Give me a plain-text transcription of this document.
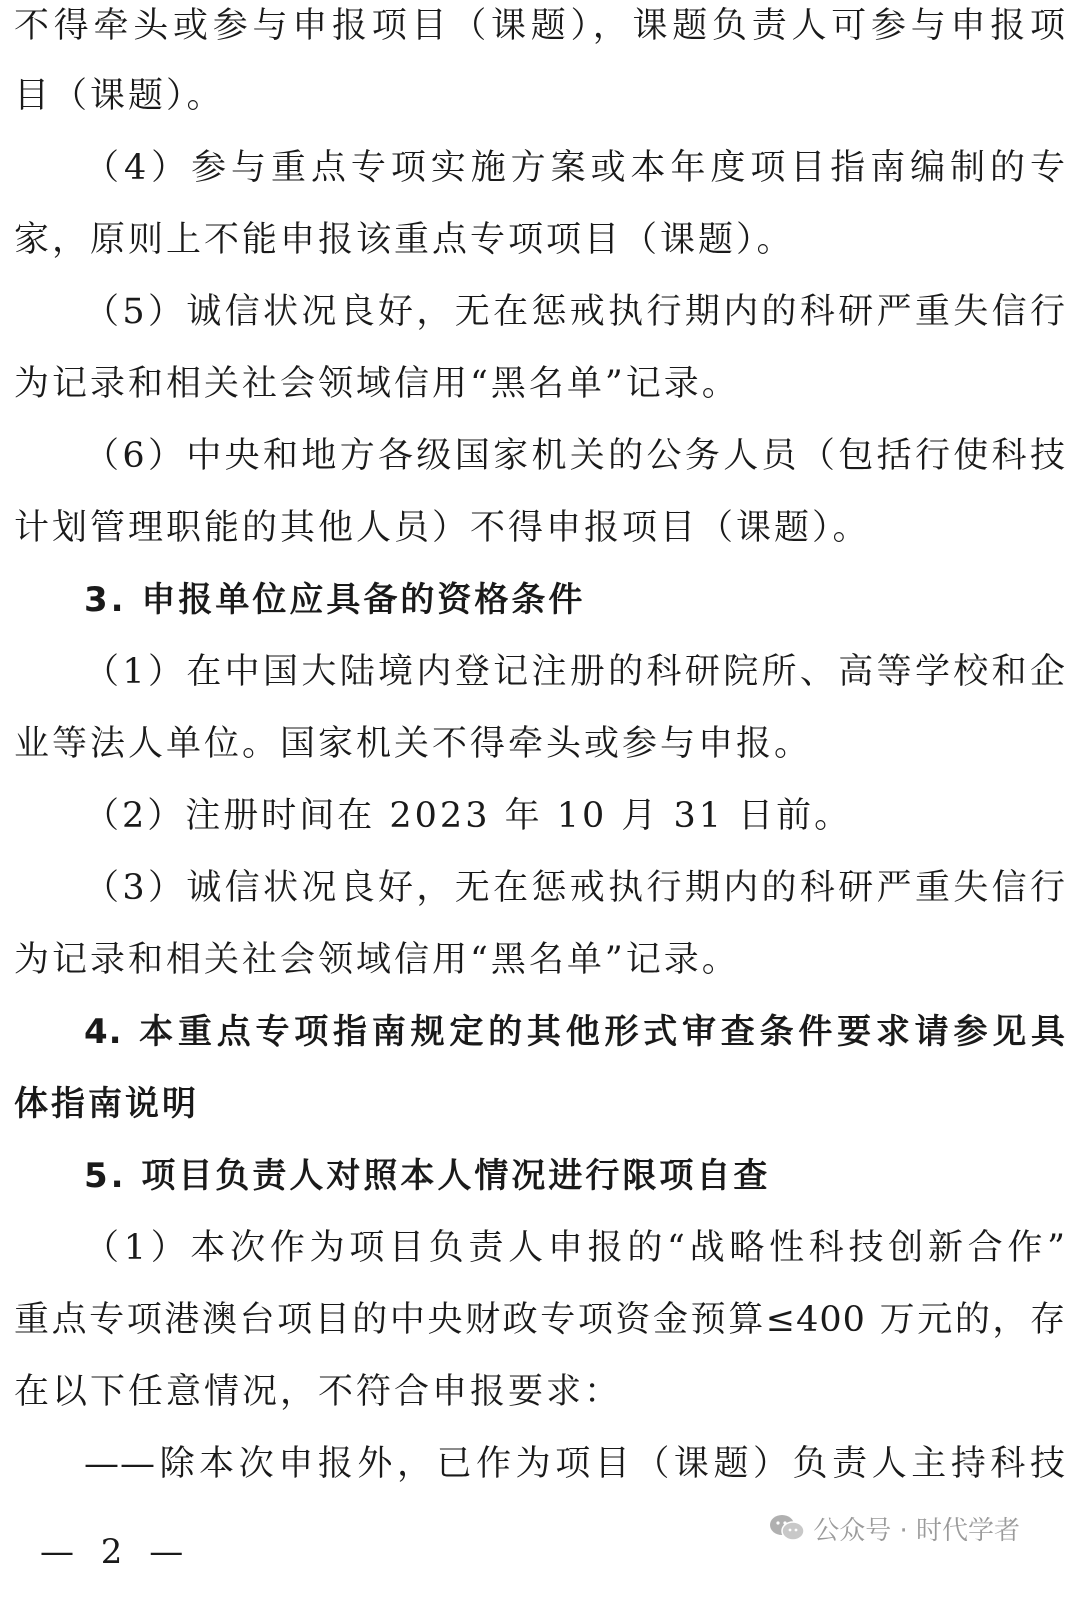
不得牵头或参与申报项目（课题），课题负责人可参与申报项
目（课题）。
（4）参与重点专项实施方案或本年度项目指南编制的专
家，原则上不能申报该重点专项项目（课题）。
（5）诚信状况良好，无在惩戒执行期内的科研严重失信行
为记录和相关社会领域信用“黑名单”记录。
（6）中央和地方各级国家机关的公务人员（包括行使科技
计划管理职能的其他人员）不得申报项目（课题）。
3. 申报单位应具备的资格条件
（1）在中国大陆境内登记注册的科研院所、高等学校和企
业等法人单位。国家机关不得牵头或参与申报。
（2）注册时间在 2023 年 10 月 31 日前。
（3）诚信状况良好，无在惩戒执行期内的科研严重失信行
为记录和相关社会领域信用“黑名单”记录。
4. 本重点专项指南规定的其他形式审查条件要求请参见具
体指南说明
5. 项目负责人对照本人情况进行限项自查
（1）本次作为项目负责人申报的“战略性科技创新合作”
重点专项港澳台项目的中央财政专项资金预算≤400 万元的，存
在以下任意情况，不符合申报要求：
——除本次申报外，已作为项目（课题）负责人主持科技
— 2 —
公众号 · 时代学者
